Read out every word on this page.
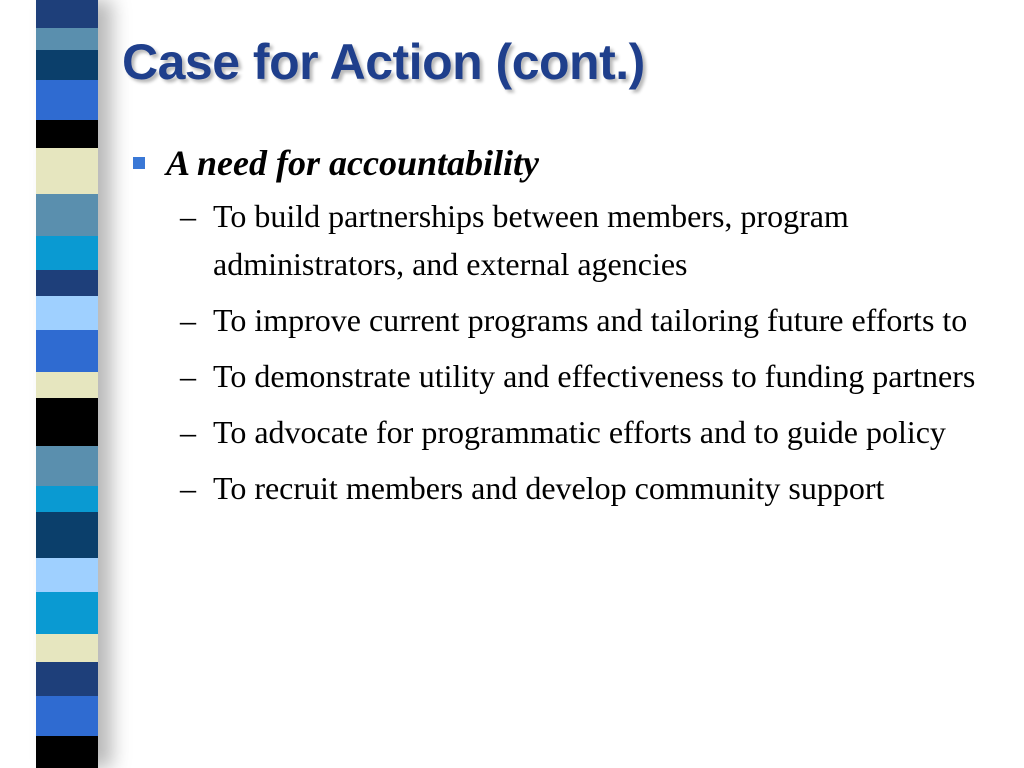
Case for Action (cont.)
A need for accountability
– To build partnerships between members, program administrators, and external agencies
– To improve current programs and tailoring future efforts to
– To demonstrate utility and effectiveness to funding partners
– To advocate for programmatic efforts and to guide policy
– To recruit members and develop community support
